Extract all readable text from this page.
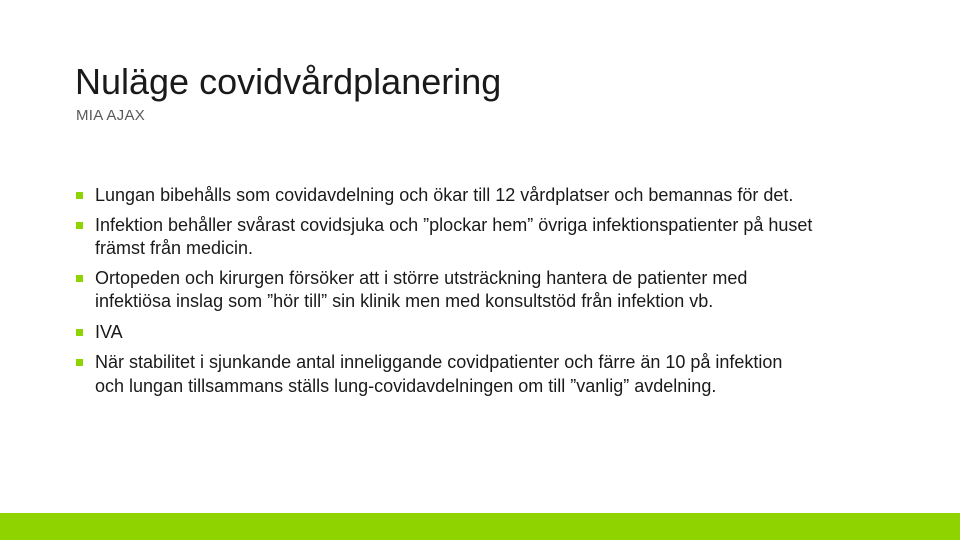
Nuläge covidvårdplanering
MIA AJAX
Lungan bibehålls som covidavdelning och ökar till 12 vårdplatser och bemannas för det.
Infektion behåller svårast covidsjuka och ”plockar hem” övriga infektionspatienter på huset främst från medicin.
Ortopeden och kirurgen försöker att i större utsträckning hantera de patienter med infektiösa inslag som ”hör till” sin klinik men med konsultstöd från infektion vb.
IVA
När stabilitet i sjunkande antal inneliggande covidpatienter och färre än 10 på infektion och lungan tillsammans ställs lung-covidavdelningen om till ”vanlig” avdelning.
